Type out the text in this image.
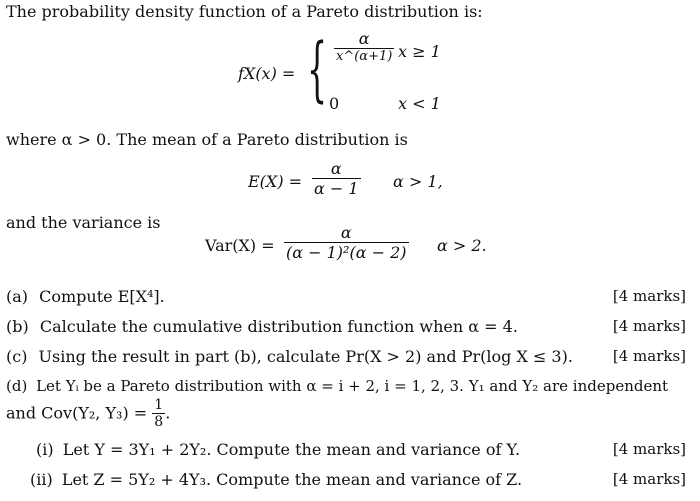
The probability density function of a Pareto distribution is:
fX(x) = { $\frac{\alpha}{x\^{}(\alpha+1)}$ x ≥ 1
0	x < 1
where α > 0. The mean of a Pareto distribution is
$E(X) = \frac{\alpha}{\alpha - 1}$ α > 1,
and the variance is
$Var(X) = \frac{\alpha}{\text{(α − 1)²(α − 2)}}$ α > 2.
(a) Compute E[X⁴].	[4 marks]
(b) Calculate the cumulative distribution function when α = 4.	[4 marks]
(c) Using the result in part (b), calculate Pr(X > 2) and Pr(log X ≤ 3).	[4 marks]
(d) Let Yᵢ be a Pareto distribution with α = i + 2, i = 1, 2, 3. Y₁ and Y₂ are independent
and Cov(Y₂, $Y_3) = \frac{1}{8}$ .
(i) Let Y = 3Y₁ + 2Y₂. Compute the mean and variance of Y.	[4 marks]
(ii) Let Z = 5Y₂ + 4Y₃. Compute the mean and variance of Z.	[4 marks]
